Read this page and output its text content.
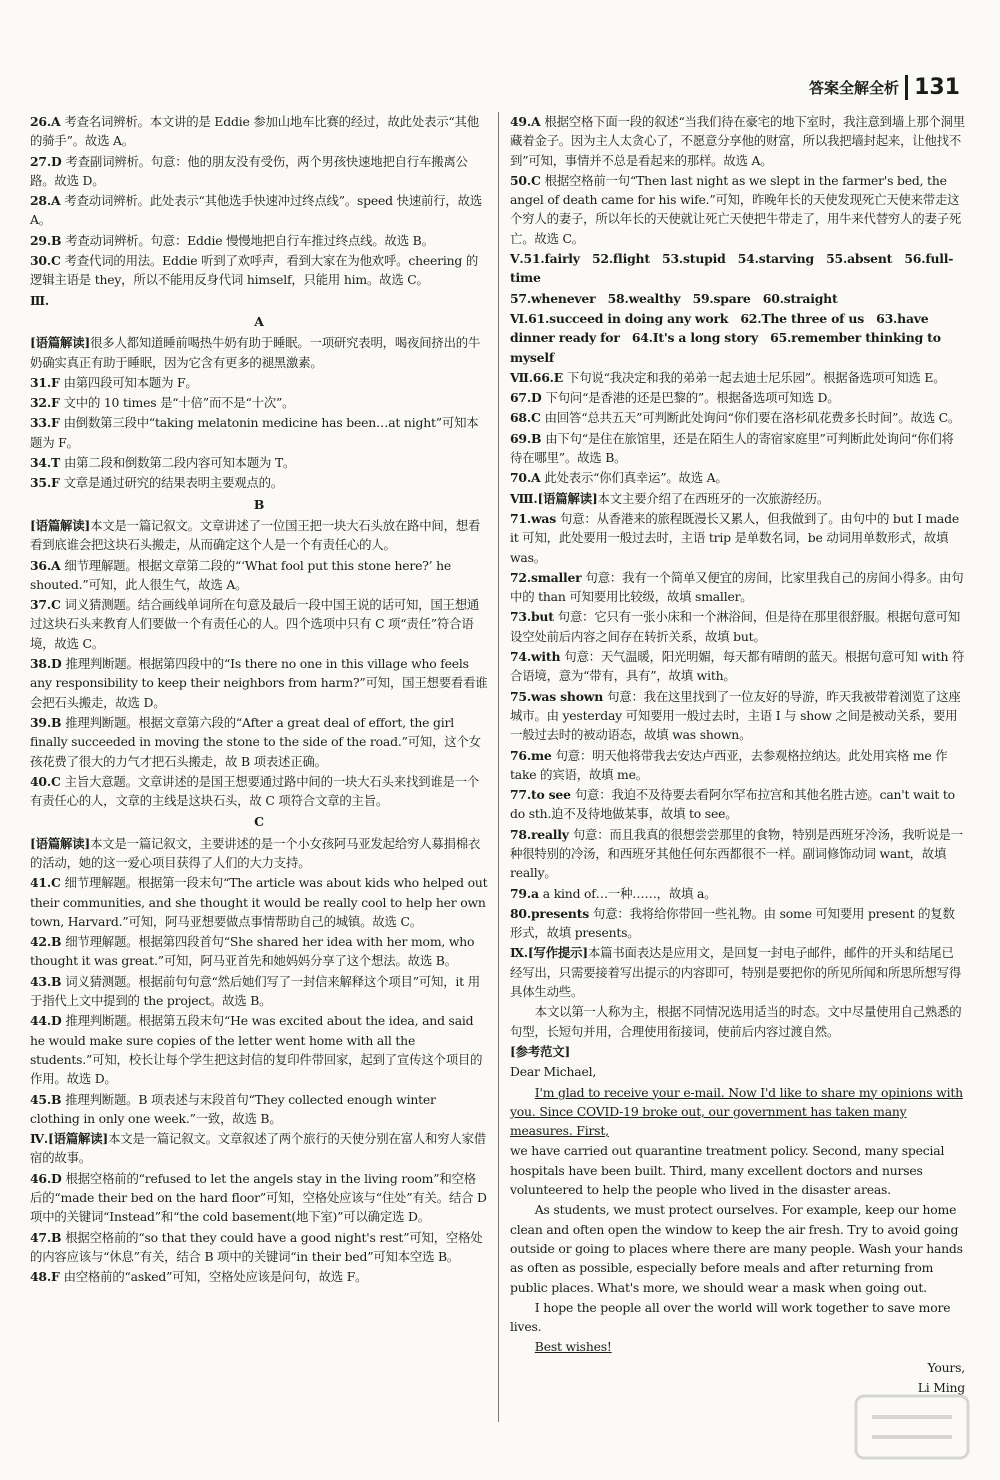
答案全解全析 131
26.A 考查名词辨析。本文讲的是 Eddie 参加山地车比赛的经过，故此处表示“其他的骑手”。故选 A。
27.D 考查副词辨析。句意：他的朋友没有受伤，两个男孩快速地把自行车搬离公路。故选 D。
28.A 考查动词辨析。此处表示“其他选手快速冲过终点线”。speed 快速前行，故选 A。
29.B 考查动词辨析。句意：Eddie 慢慢地把自行车推过终点线。故选 B。
30.C 考查代词的用法。Eddie 听到了欢呼声，看到大家在为他欢呼。cheering 的逻辑主语是 they，所以不能用反身代词 himself，只能用 him。故选 C。
Ⅲ.
A
[语篇解读]很多人都知道睡前喝热牛奶有助于睡眠。一项研究表明，喝夜间挤出的牛奶确实真正有助于睡眠，因为它含有更多的褪黑激素。
31.F 由第四段可知本题为 F。
32.F 文中的 10 times 是“十倍”而不是“十次”。
33.F 由倒数第三段中“taking melatonin medicine has been…at night”可知本题为 F。
34.T 由第二段和倒数第二段内容可知本题为 T。
35.F 文章是通过研究的结果表明主要观点的。
B
[语篇解读]本文是一篇记叙文。文章讲述了一位国王把一块大石头放在路中间，想看看到底谁会把这块石头搬走，从而确定这个人是一个有责任心的人。
36.A 细节理解题。根据文章第二段的“‘What fool put this stone here?’ he shouted.”可知，此人很生气，故选 A。
37.C 词义猜测题。结合画线单词所在句意及最后一段中国王说的话可知，国王想通过这块石头来教育人们要做一个有责任心的人。四个选项中只有 C 项“责任”符合语境，故选 C。
38.D 推理判断题。根据第四段中的“Is there no one in this village who feels any responsibility to keep their neighbors from harm?”可知，国王想要看看谁会把石头搬走，故选 D。
39.B 推理判断题。根据文章第六段的“After a great deal of effort, the girl finally succeeded in moving the stone to the side of the road.”可知，这个女孩花费了很大的力气才把石头搬走，故 B 项表述正确。
40.C 主旨大意题。文章讲述的是国王想要通过路中间的一块大石头来找到谁是一个有责任心的人，文章的主线是这块石头，故 C 项符合文章的主旨。
C
[语篇解读]本文是一篇记叙文，主要讲述的是一个小女孩阿马亚发起给穷人募捐棉衣的活动，她的这一爱心项目获得了人们的大力支持。
41.C 细节理解题。根据第一段末句“The article was about kids who helped out their communities, and she thought it would be really cool to help her own town, Harvard.”可知，阿马亚想要做点事情帮助自己的城镇。故选 C。
42.B 细节理解题。根据第四段首句“She shared her idea with her mom, who thought it was great.”可知，阿马亚首先和她妈妈分享了这个想法。故选 B。
43.B 词义猜测题。根据前句句意“然后她们写了一封信来解释这个项目”可知，it 用于指代上文中提到的 the project。故选 B。
44.D 推理判断题。根据第五段末句“He was excited about the idea, and said he would make sure copies of the letter went home with all the students.”可知，校长让每个学生把这封信的复印件带回家，起到了宣传这个项目的作用。故选 D。
45.B 推理判断题。B 项表述与末段首句“They collected enough winter clothing in only one week.”一致，故选 B。
Ⅳ.[语篇解读]本文是一篇记叙文。文章叙述了两个旅行的天使分别在富人和穷人家借宿的故事。
46.D 根据空格前的“refused to let the angels stay in the living room”和空格后的“made their bed on the hard floor”可知，空格处应该与“住处”有关。结合 D 项中的关键词“Instead”和“the cold basement(地下室)”可以确定选 D。
47.B 根据空格前的“so that they could have a good night's rest”可知，空格处的内容应该与“休息”有关，结合 B 项中的关键词“in their bed”可知本空选 B。
48.F 由空格前的“asked”可知，空格处应该是问句，故选 F。
49.A 根据空格下面一段的叙述“当我们待在豪宅的地下室时，我注意到墙上那个洞里藏着金子。因为主人太贪心了，不愿意分享他的财富，所以我把墙封起来，让他找不到”可知，事情并不总是看起来的那样。故选 A。
50.C 根据空格前一句“Then last night as we slept in the farmer's bed, the angel of death came for his wife.”可知，昨晚年长的天使发现死亡天使来带走这个穷人的妻子，所以年长的天使就让死亡天使把牛带走了，用牛来代替穷人的妻子死亡。故选 C。
Ⅴ.51.fairly　52.flight　53.stupid　54.starving　55.absent　56.full-time
57.whenever　58.wealthy　59.spare　60.straight
Ⅵ.61.succeed in doing any work　62.The three of us　63.have dinner ready for　64.It's a long story　65.remember thinking to myself
Ⅶ.66.E 下句说“我决定和我的弟弟一起去迪士尼乐园”。根据备选项可知选 E。
67.D 下句问“是香港的还是巴黎的”。根据备选项可知选 D。
68.C 由回答“总共五天”可判断此处询问“你们要在洛杉矶花费多长时间”。故选 C。
69.B 由下句“是住在旅馆里，还是在陌生人的寄宿家庭里”可判断此处询问“你们将待在哪里”。故选 B。
70.A 此处表示“你们真幸运”。故选 A。
Ⅷ.[语篇解读]本文主要介绍了在西班牙的一次旅游经历。
71.was 句意：从香港来的旅程既漫长又累人，但我做到了。由句中的 but I made it 可知，此处要用一般过去时，主语 trip 是单数名词，be 动词用单数形式，故填 was。
72.smaller 句意：我有一个简单又便宜的房间，比家里我自己的房间小得多。由句中的 than 可知要用比较级，故填 smaller。
73.but 句意：它只有一张小床和一个淋浴间，但是待在那里很舒服。根据句意可知设空处前后内容之间存在转折关系，故填 but。
74.with 句意：天气温暖，阳光明媚，每天都有晴朗的蓝天。根据句意可知 with 符合语境，意为“带有，具有”，故填 with。
75.was shown 句意：我在这里找到了一位友好的导游，昨天我被带着浏览了这座城市。由 yesterday 可知要用一般过去时，主语 I 与 show 之间是被动关系，要用一般过去时的被动语态，故填 was shown。
76.me 句意：明天他将带我去安达卢西亚，去参观格拉纳达。此处用宾格 me 作 take 的宾语，故填 me。
77.to see 句意：我迫不及待要去看阿尔罕布拉宫和其他名胜古迹。can't wait to do sth.迫不及待地做某事，故填 to see。
78.really 句意：而且我真的很想尝尝那里的食物，特别是西班牙冷汤，我听说是一种很特别的冷汤，和西班牙其他任何东西都很不一样。副词修饰动词 want，故填 really。
79.a a kind of…一种……，故填 a。
80.presents 句意：我将给你带回一些礼物。由 some 可知要用 present 的复数形式，故填 presents。
Ⅸ.[写作提示]本篇书面表达是应用文，是回复一封电子邮件，邮件的开头和结尾已经写出，只需要接着写出提示的内容即可，特别是要把你的所见所闻和所思所想写得具体生动些。
本文以第一人称为主，根据不同情况选用适当的时态。文中尽量使用自己熟悉的句型，长短句并用，合理使用衔接词，使前后内容过渡自然。
[参考范文]
Dear Michael,
I'm glad to receive your e-mail. Now I'd like to share my opinions with you. Since COVID-19 broke out, our government has taken many measures. First,
we have carried out quarantine treatment policy. Second, many special hospitals have been built. Third, many excellent doctors and nurses volunteered to help the people who lived in the disaster areas.
As students, we must protect ourselves. For example, keep our home clean and often open the window to keep the air fresh. Try to avoid going outside or going to places where there are many people. Wash your hands as often as possible, especially before meals and after returning from public places. What's more, we should wear a mask when going out.
I hope the people all over the world will work together to save more lives.
Best wishes!
Yours,
Li Ming
